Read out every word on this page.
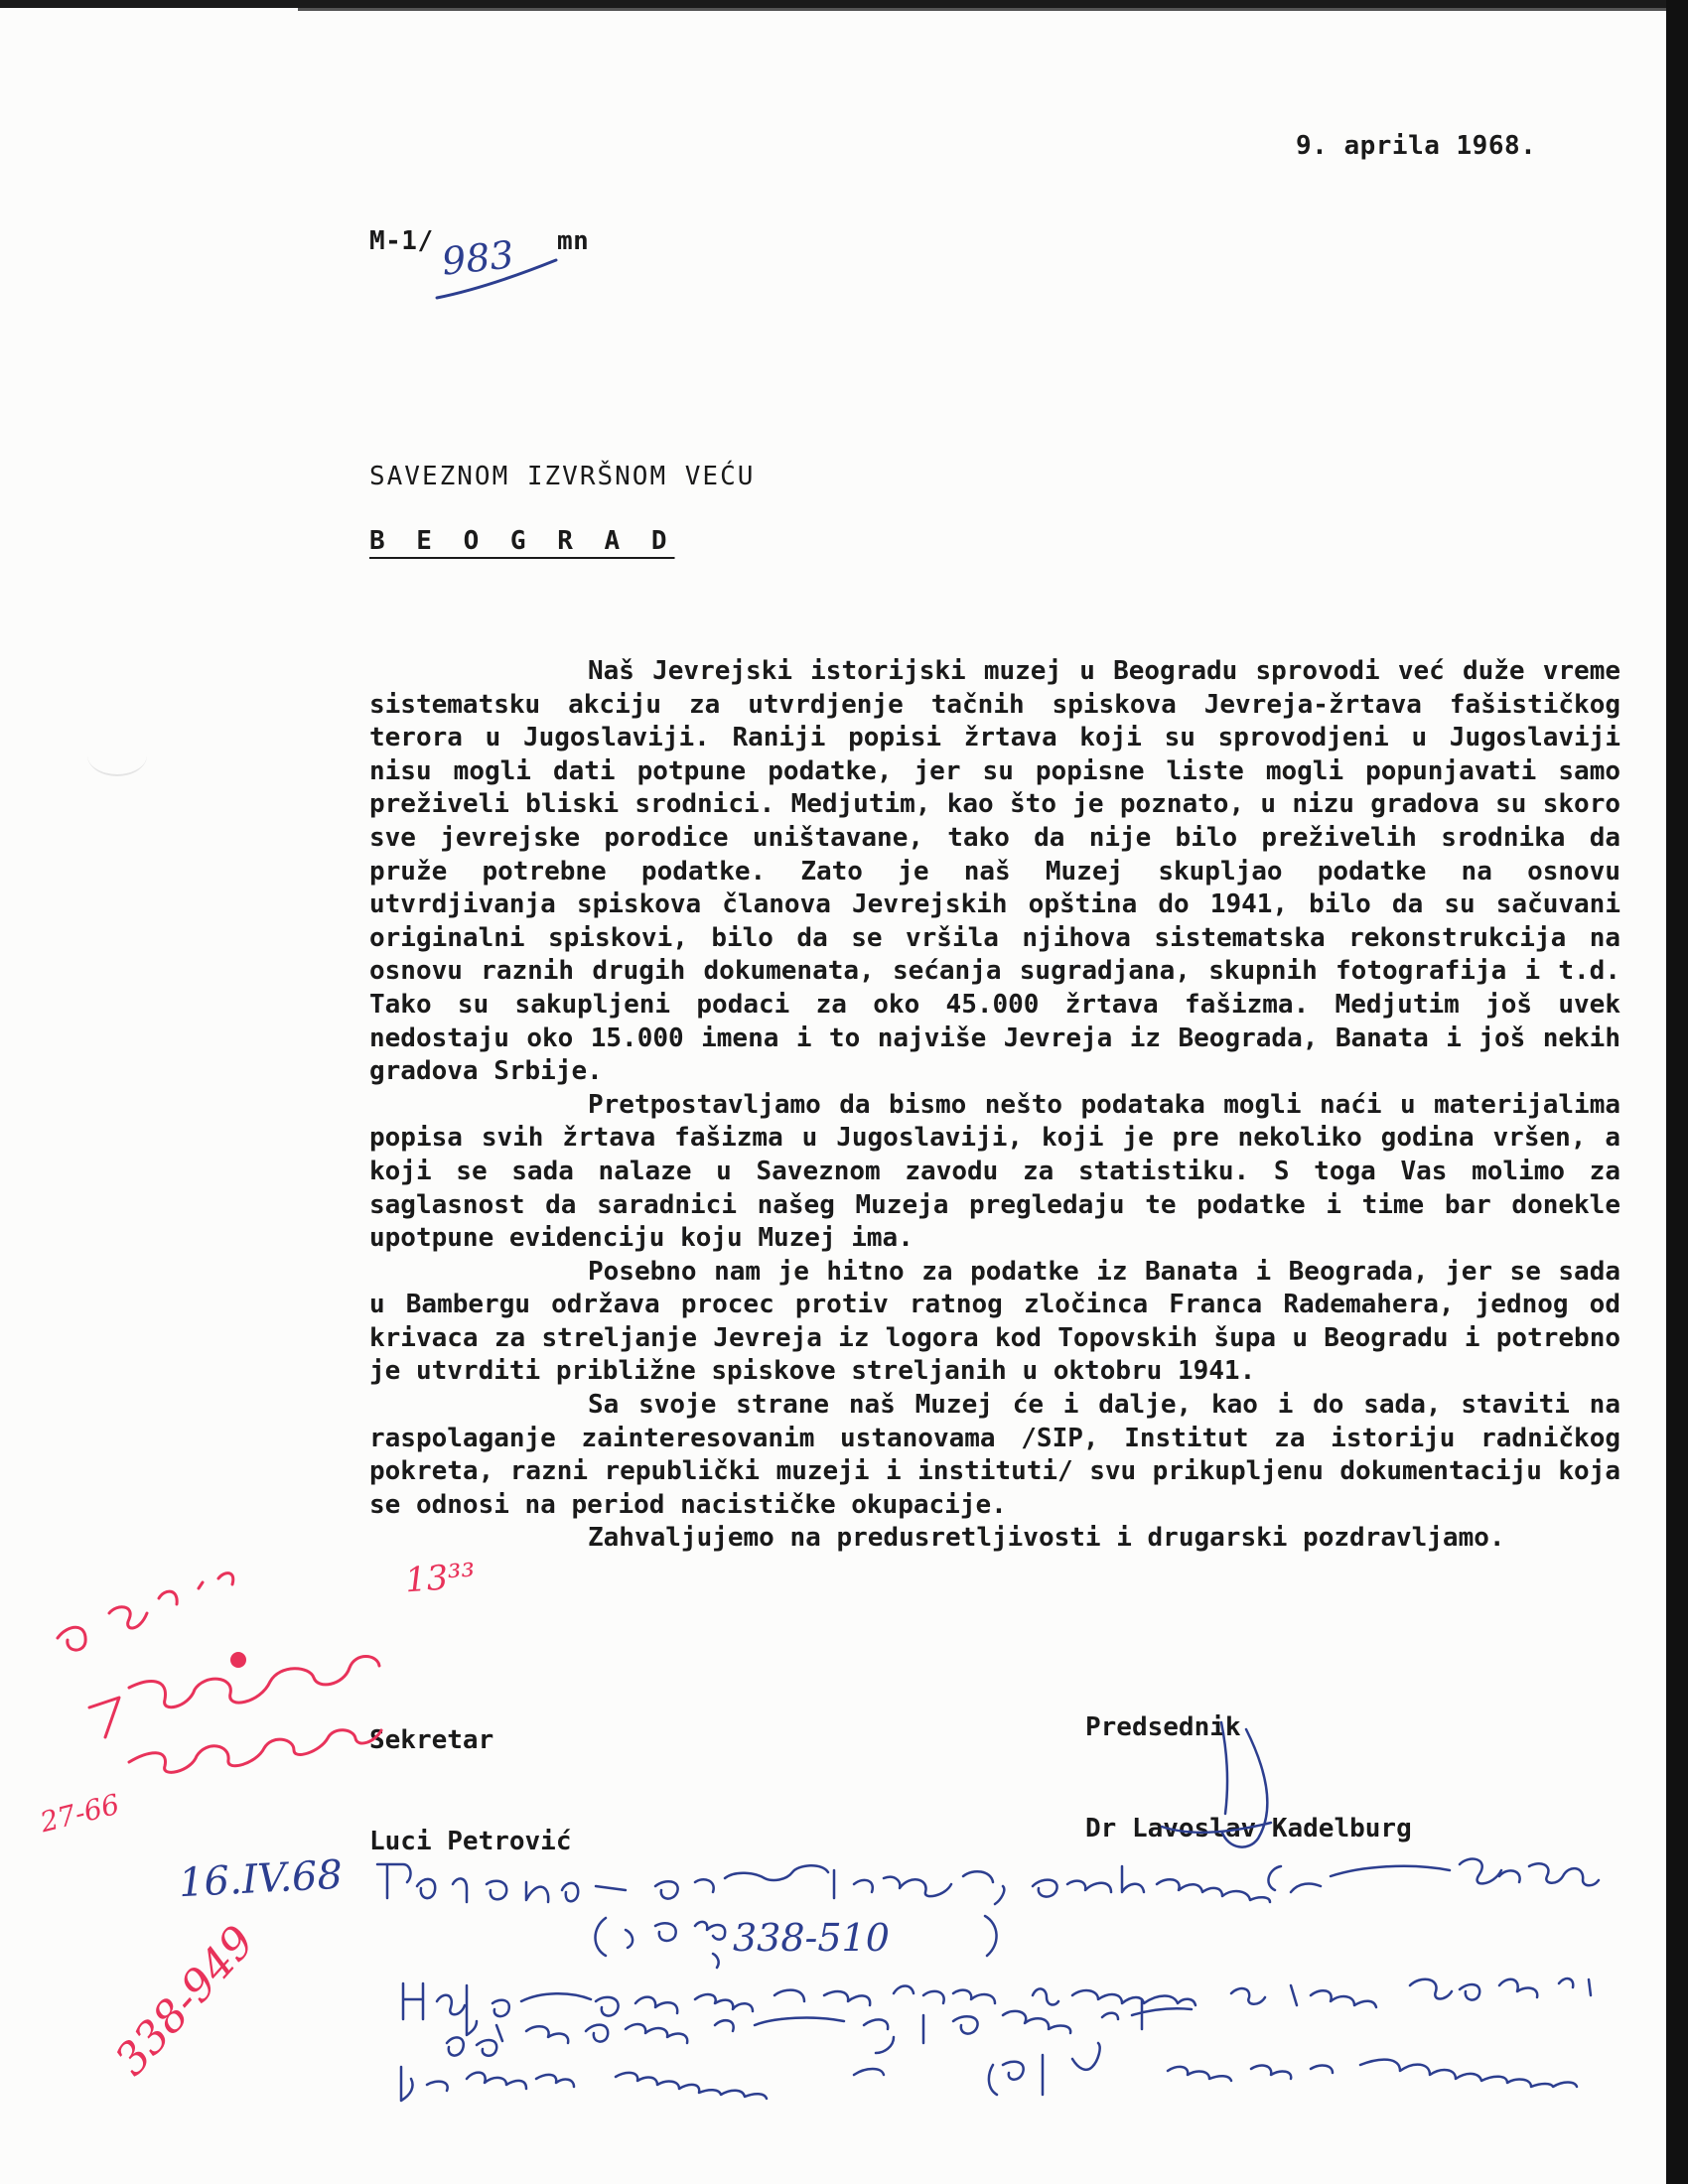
9. aprila 1968.
M-1/ 983 mn
SAVEZNOM IZVRŠNOM VEĆU
B E O G R A D

Naš Jevrejski istorijski muzej u Beogradu sprovodi već duže vreme sistematsku akciju za utvrdjenje tačnih spiskova Jevreja-žrtava fašističkog terora u Jugoslaviji. Raniji popisi žrtava koji su sprovodjeni u Jugoslaviji nisu mogli dati potpune podatke, jer su popisne liste mogli popunjavati samo preživeli bliski srodnici. Medjutim, kao što je poznato, u nizu gradova su skoro sve jevrejske porodice uništavane, tako da nije bilo preživelih srodnika da pruže potrebne podatke. Zato je naš Muzej skupljao podatke na osnovu utvrdjivanja spiskova članova Jevrejskih opština do 1941, bilo da su sačuvani originalni spiskovi, bilo da se vršila njihova sistematska rekonstrukcija na osnovu raznih drugih dokumenata, sećanja sugradjana, skupnih fotografija i t.d. Tako su sakupljeni podaci za oko 45.000 žrtava fašizma. Medjutim još uvek nedostaju oko 15.000 imena i to najviše Jevreja iz Beograda, Banata i još nekih gradova Srbije.

Pretpostavljamo da bismo nešto podataka mogli naći u materijalima popisa svih žrtava fašizma u Jugoslaviji, koji je pre nekoliko godina vršen, a koji se sada nalaze u Saveznom zavodu za statistiku. S toga Vas molimo za saglasnost da saradnici našeg Muzeja pregledaju te podatke i time bar donekle upotpune evidenciju koju Muzej ima.

Posebno nam je hitno za podatke iz Banata i Beograda, jer se sada u Bambergu održava procec protiv ratnog zločinca Franca Rademahera, jednog od krivaca za streljanje Jevreja iz logora kod Topovskih šupa u Beogradu i potrebno je utvrditi približne spiskove streljanih u oktobru 1941.

Sa svoje strane naš Muzej će i dalje, kao i do sada, staviti na raspolaganje zainteresovanim ustanovama /SIP, Institut za istoriju radničkog pokreta, razni republički muzeji i instituti/ svu prikupljenu dokumentaciju koja se odnosi na period nacističke okupacije.

Zahvaljujemo na predusretljivosti i drugarski pozdravljamo.

Sekretar

Luci Petrović

Predsednik

Dr Lavoslav Kadelburg

13³³
27-66
338-949
16.IV.68
338-510
